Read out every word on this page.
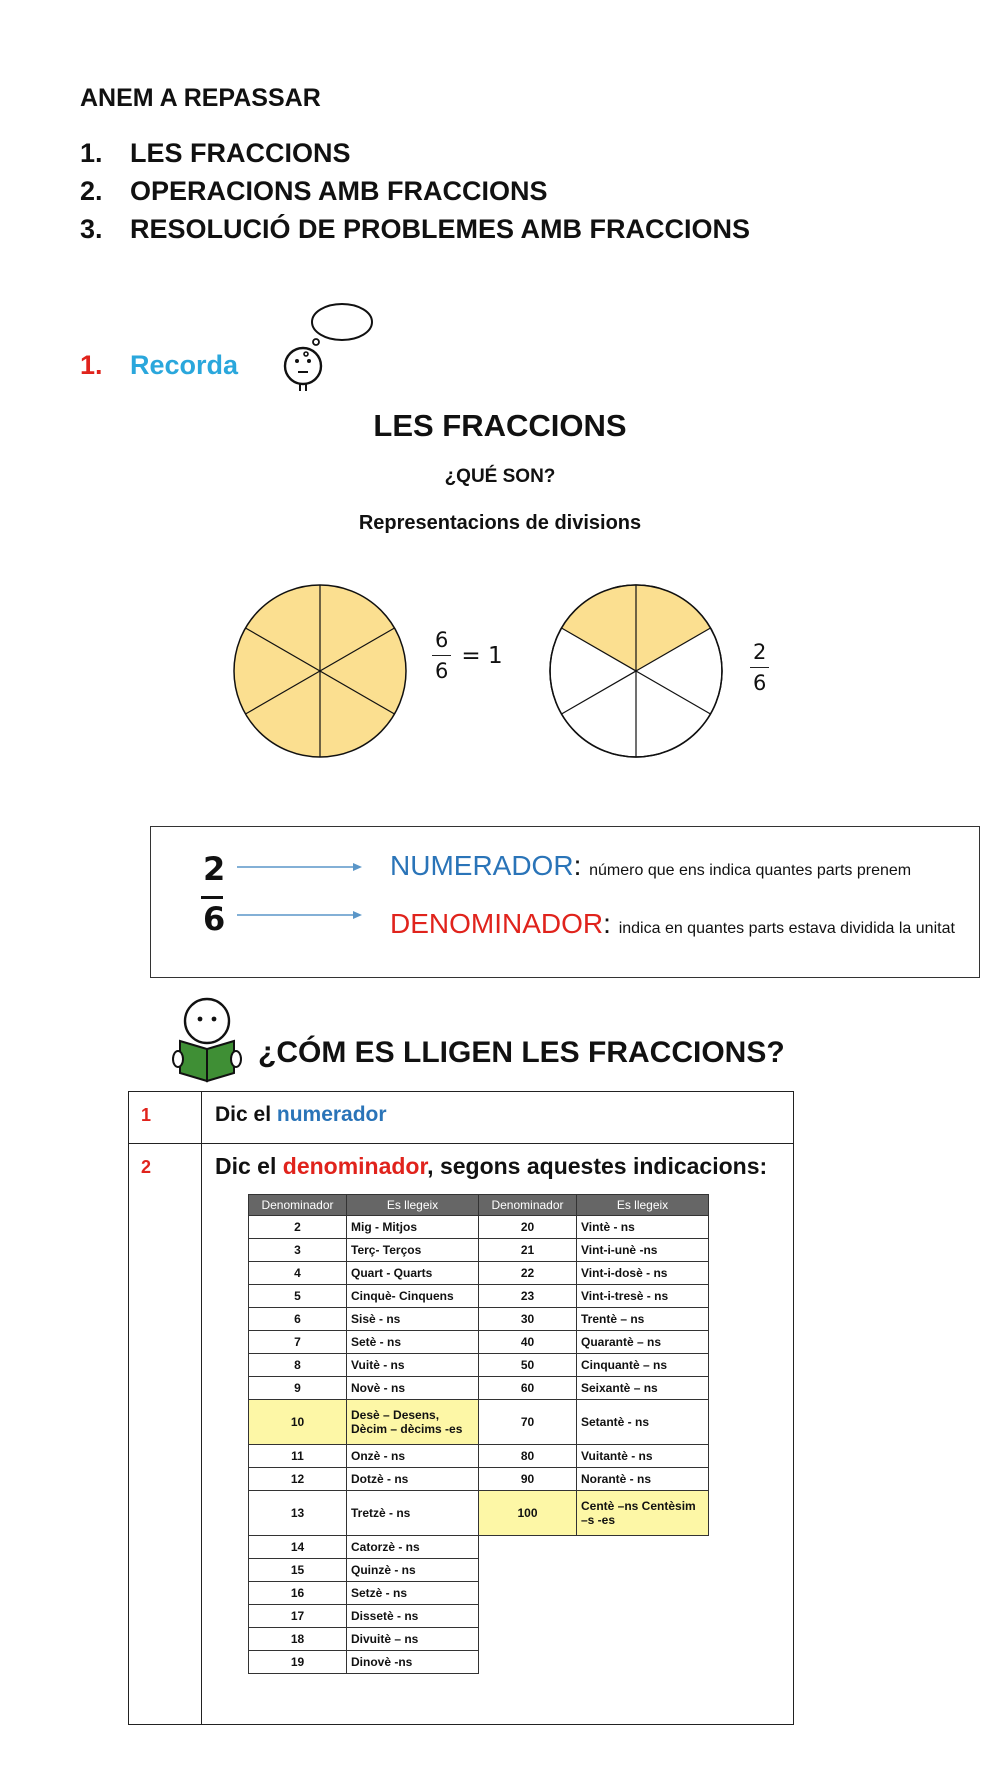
ANEM A REPASSAR
1. LES FRACCIONS
2. OPERACIONS AMB FRACCIONS
3. RESOLUCIÓ DE PROBLEMES AMB FRACCIONS
1. Recorda
LES FRACCIONS
¿QUÉ SON?
Representacions de divisions
$\frac{6}{6} = 1$	$\frac{2}{6}$
2
6
NUMERADOR: número que ens indica quantes parts prenem
DENOMINADOR: indica en quantes parts estava dividida la unitat
¿CÓM ES LLIGEN LES FRACCIONS?
1	Dic el numerador
2	Dic el denominador, segons aquestes indicacions:
Denominador	Es llegeix	Denominador	Es llegeix
2	Mig - Mitjos	20	Vintè - ns
3	Terç- Terços	21	Vint-i-unè -ns
4	Quart - Quarts	22	Vint-i-dosè - ns
5	Cinquè- Cinquens	23	Vint-i-tresè - ns
6	Sisè - ns	30	Trentè – ns
7	Setè - ns	40	Quarantè – ns
8	Vuitè - ns	50	Cinquantè – ns
9	Novè - ns	60	Seixantè – ns
10	Desè – Desens, Dècim – dècims -es	70	Setantè - ns
11	Onzè - ns	80	Vuitantè - ns
12	Dotzè - ns	90	Norantè - ns
13	Tretzè - ns	100	Centè –ns Centèsim –s -es
14	Catorzè - ns		
15	Quinzè - ns		
16	Setzè - ns		
17	Dissetè - ns		
18	Divuitè – ns		
19	Dinovè -ns		
